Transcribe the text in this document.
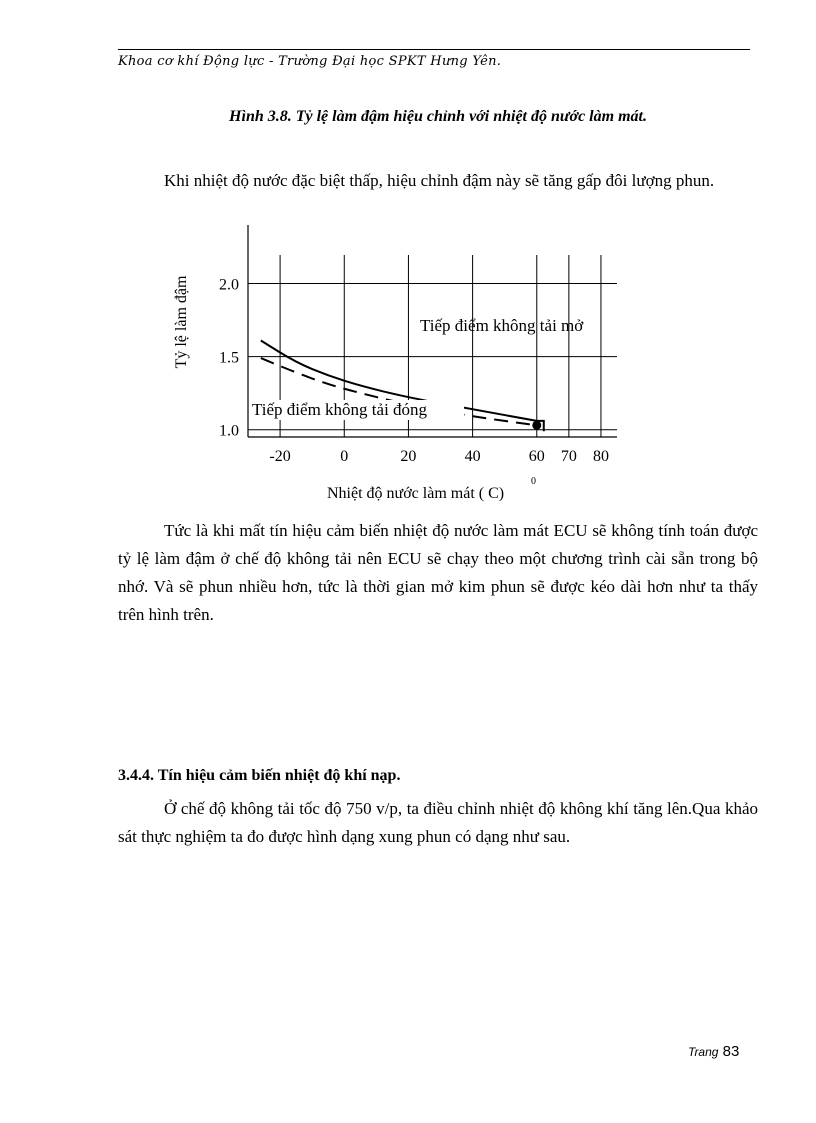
Khoa cơ khí Động lực - Trường Đại học SPKT Hưng Yên.
Hình 3.8. Tỷ lệ làm đậm hiệu chỉnh với nhiệt độ nước làm mát.

Khi nhiệt độ nước đặc biệt thấp, hiệu chỉnh đậm này sẽ tăng gấp đôi lượng phun.

-20	0	20	40	60 70 80
1.0
1.5
2.0
Tiếp điểm không tải mở
Tiếp điểm không tải đóng
Tỷ lệ làm đậm
Nhiệt độ nước làm mát ( C)
0

Tức là khi mất tín hiệu cảm biến nhiệt độ nước làm mát ECU sẽ không tính toán được tỷ lệ làm đậm ở chế độ không tải nên ECU sẽ chạy theo một chương trình cài sẵn trong bộ nhớ. Và sẽ phun nhiều hơn, tức là thời gian mở kim phun sẽ được kéo dài hơn như ta thấy trên hình trên.

3.4.4. Tín hiệu cảm biến nhiệt độ khí nạp.

Ở chế độ không tải tốc độ 750 v/p, ta điều chỉnh nhiệt độ không khí tăng lên.Qua khảo sát thực nghiệm ta đo được hình dạng xung phun có dạng như sau.

Trang 83
